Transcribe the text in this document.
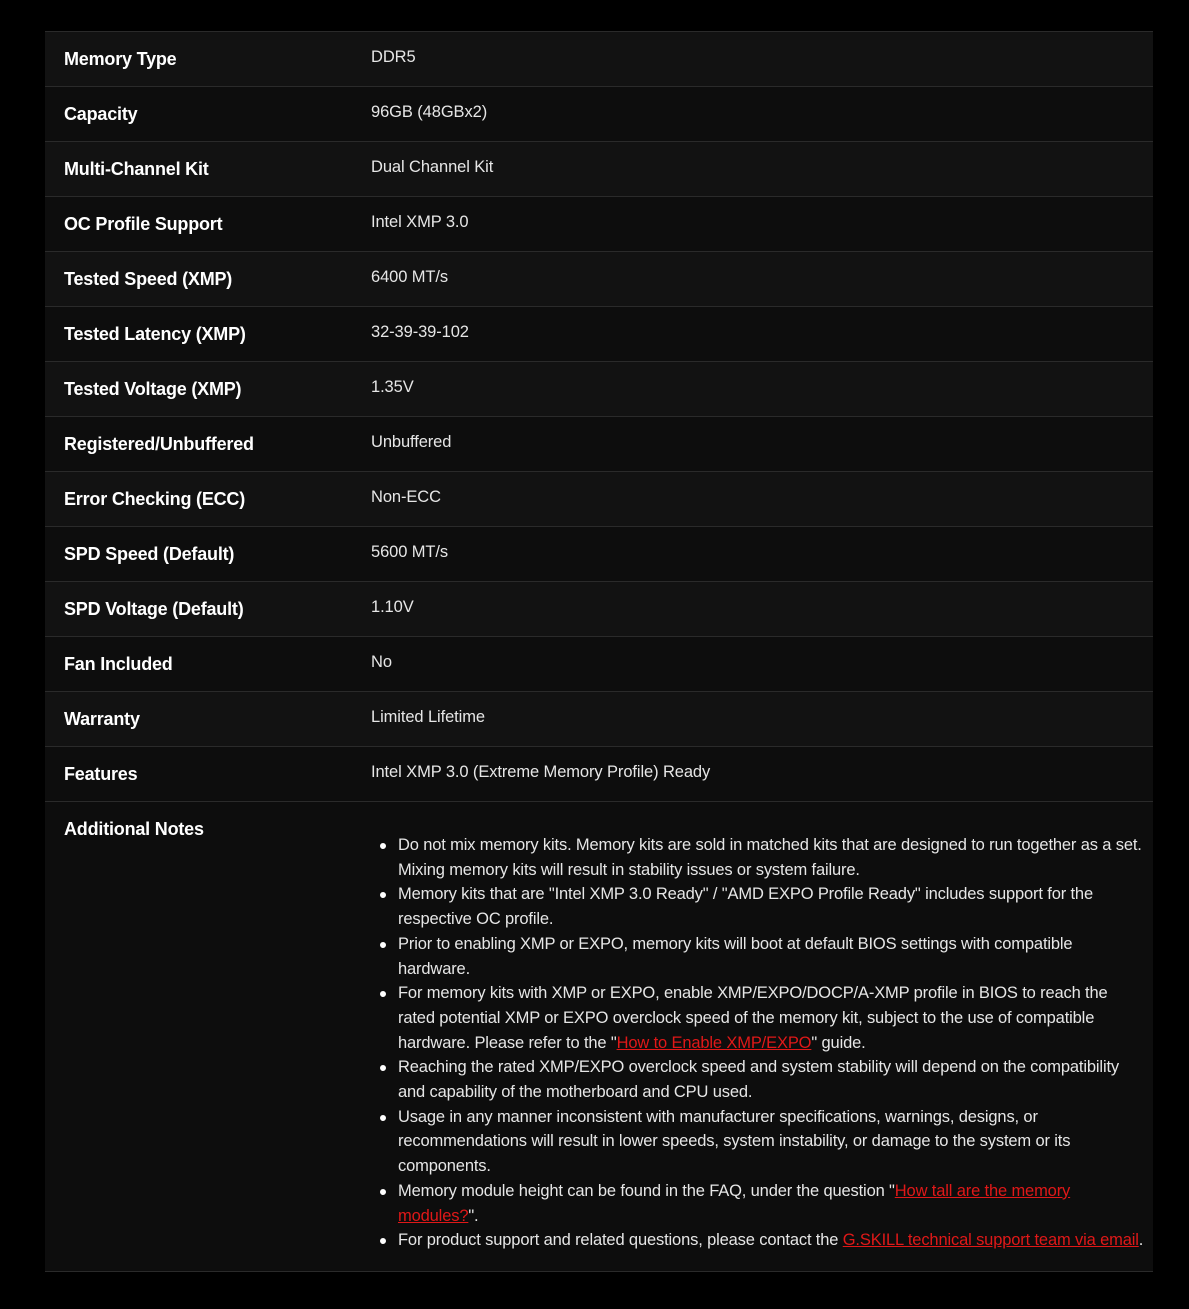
Memory Type	DDR5
Capacity	96GB (48GBx2)
Multi-Channel Kit	Dual Channel Kit
OC Profile Support	Intel XMP 3.0
Tested Speed (XMP)	6400 MT/s
Tested Latency (XMP)	32-39-39-102
Tested Voltage (XMP)	1.35V
Registered/Unbuffered	Unbuffered
Error Checking (ECC)	Non-ECC
SPD Speed (Default)	5600 MT/s
SPD Voltage (Default)	1.10V
Fan Included	No
Warranty	Limited Lifetime
Features	Intel XMP 3.0 (Extreme Memory Profile) Ready
Additional Notes
Do not mix memory kits. Memory kits are sold in matched kits that are designed to run together as a set. Mixing memory kits will result in stability issues or system failure.
Memory kits that are "Intel XMP 3.0 Ready" / "AMD EXPO Profile Ready" includes support for the respective OC profile.
Prior to enabling XMP or EXPO, memory kits will boot at default BIOS settings with compatible hardware.
For memory kits with XMP or EXPO, enable XMP/EXPO/DOCP/A-XMP profile in BIOS to reach the rated potential XMP or EXPO overclock speed of the memory kit, subject to the use of compatible hardware. Please refer to the "How to Enable XMP/EXPO" guide.
Reaching the rated XMP/EXPO overclock speed and system stability will depend on the compatibility and capability of the motherboard and CPU used.
Usage in any manner inconsistent with manufacturer specifications, warnings, designs, or recommendations will result in lower speeds, system instability, or damage to the system or its components.
Memory module height can be found in the FAQ, under the question "How tall are the memory modules?".
For product support and related questions, please contact the G.SKILL technical support team via email.
